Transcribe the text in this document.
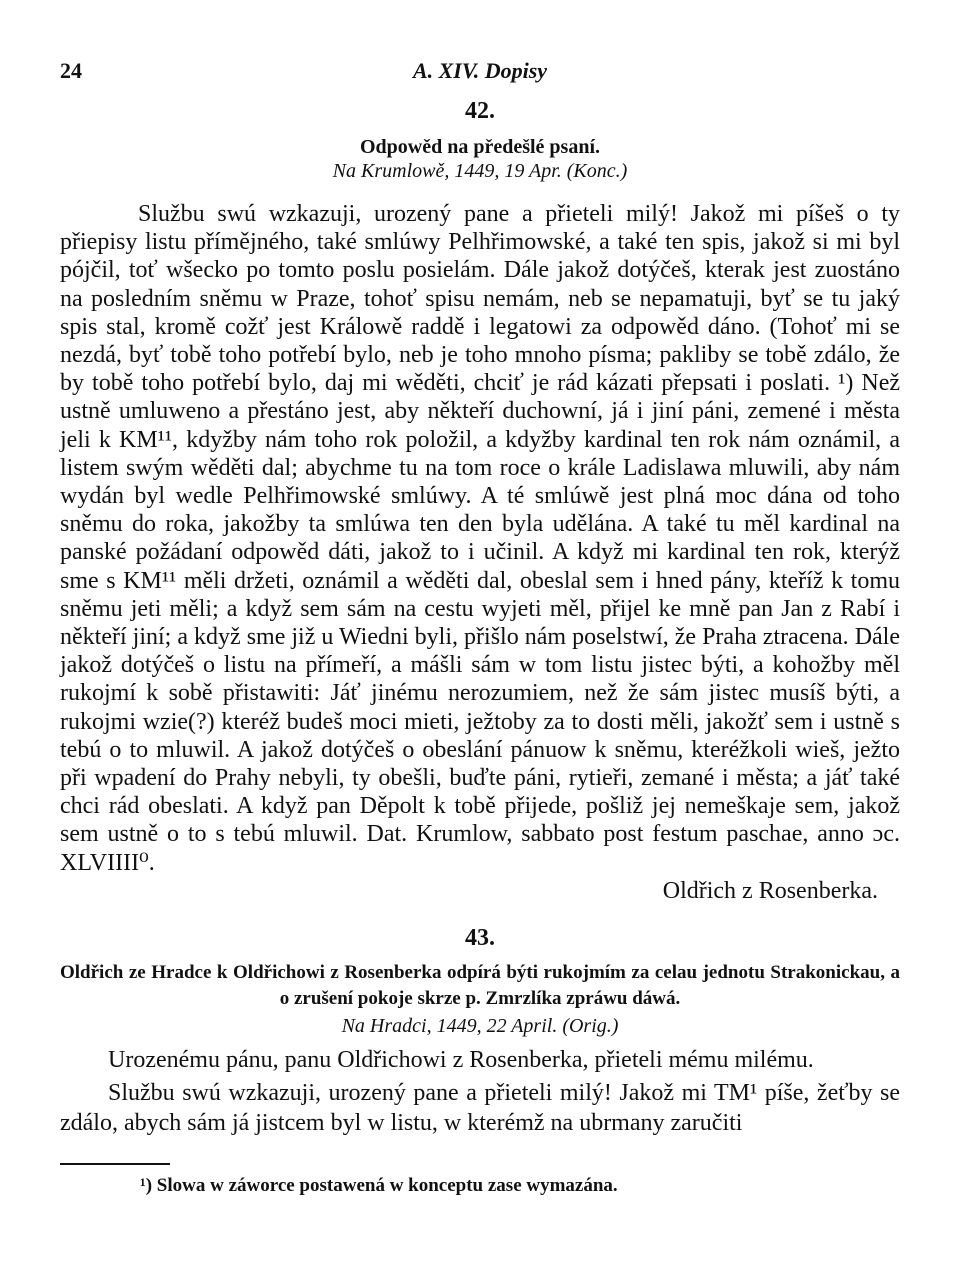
24	A. XIV. Dopisy
42.
Odpowěd na předešlé psaní.
Na Krumlowě, 1449, 19 Apr. (Konc.)

Službu swú wzkazuji, urozený pane a přieteli milý! Jakož mi píšeš o ty přiepisy listu přímějného, také smlúwy Pelhřimowské, a také ten spis, jakož si mi byl pójčil, toť wšecko po tomto poslu posielám. Dále jakož dotýčeš, kterak jest zuostáno na posledním sněmu w Praze, tohoť spisu nemám, neb se nepamatuji, byť se tu jaký spis stal, kromě cožť jest Králowě raddě i legatowi za odpowěd dáno. (Tohoť mi se nezdá, byť tobě toho potřebí bylo, neb je toho mnoho písma; pakliby se tobě zdálo, že by tobě toho potřebí bylo, daj mi wěděti, chciť je rád kázati přepsati i poslati. ¹) Než ustně umluweno a přestáno jest, aby někteří duchowní, já i jiní páni, zemené i města jeli k KM¹¹, kdyžby nám toho rok položil, a kdyžby kardinal ten rok nám oznámil, a listem swým wěděti dal; abychme tu na tom roce o krále Ladislawa mluwili, aby nám wydán byl wedle Pelhřimowské smlúwy. A té smlúwě jest plná moc dána od toho sněmu do roka, jakožby ta smlúwa ten den byla udělána. A také tu měl kardinal na panské požádaní odpowěd dáti, jakož to i učinil. A když mi kardinal ten rok, kterýž sme s KM¹¹ měli držeti, oznámil a wěděti dal, obeslal sem i hned pány, kteříž k tomu sněmu jeti měli; a když sem sám na cestu wyjeti měl, přijel ke mně pan Jan z Rabí i někteří jiní; a když sme již u Wiedni byli, přišlo nám poselstwí, že Praha ztracena. Dále jakož dotýčeš o listu na přímeří, a mášli sám w tom listu jistec býti, a kohožby měl rukojmí k sobě přistawiti: Jáť jinému nerozumiem, než že sám jistec musíš býti, a rukojmi wzie(?) kteréž budeš moci mieti, ježtoby za to dosti měli, jakožť sem i ustně s tebú o to mluwil. A jakož dotýčeš o obeslání pánuow k sněmu, kteréžkoli wieš, ježto při wpadení do Prahy nebyli, ty obešli, buďte páni, rytieři, zemané i města; a jáť také chci rád obeslati. A když pan Děpolt k tobě přijede, pošliž jej nemeškaje sem, jakož sem ustně o to s tebú mluwil. Dat. Krumlow, sabbato post festum paschae, anno ɔc. XLVIIII⁰.

Oldřich z Rosenberka.
43.
Oldřich ze Hradce k Oldřichowi z Rosenberka odpírá býti rukojmím za celau jednotu Strakonickau, a o zrušení pokoje skrze p. Zmrzlíka zpráwu dáwá.
Na Hradci, 1449, 22 April. (Orig.)
Urozenému pánu, panu Oldřichowi z Rosenberka, přieteli mému milému.

Službu swú wzkazuji, urozený pane a přieteli milý! Jakož mi TM¹ píše, žeťby se zdálo, abych sám já jistcem byl w listu, w kterémž na ubrmany zaručiti

¹) Slowa w záworce postawená w konceptu zase wymazána.
